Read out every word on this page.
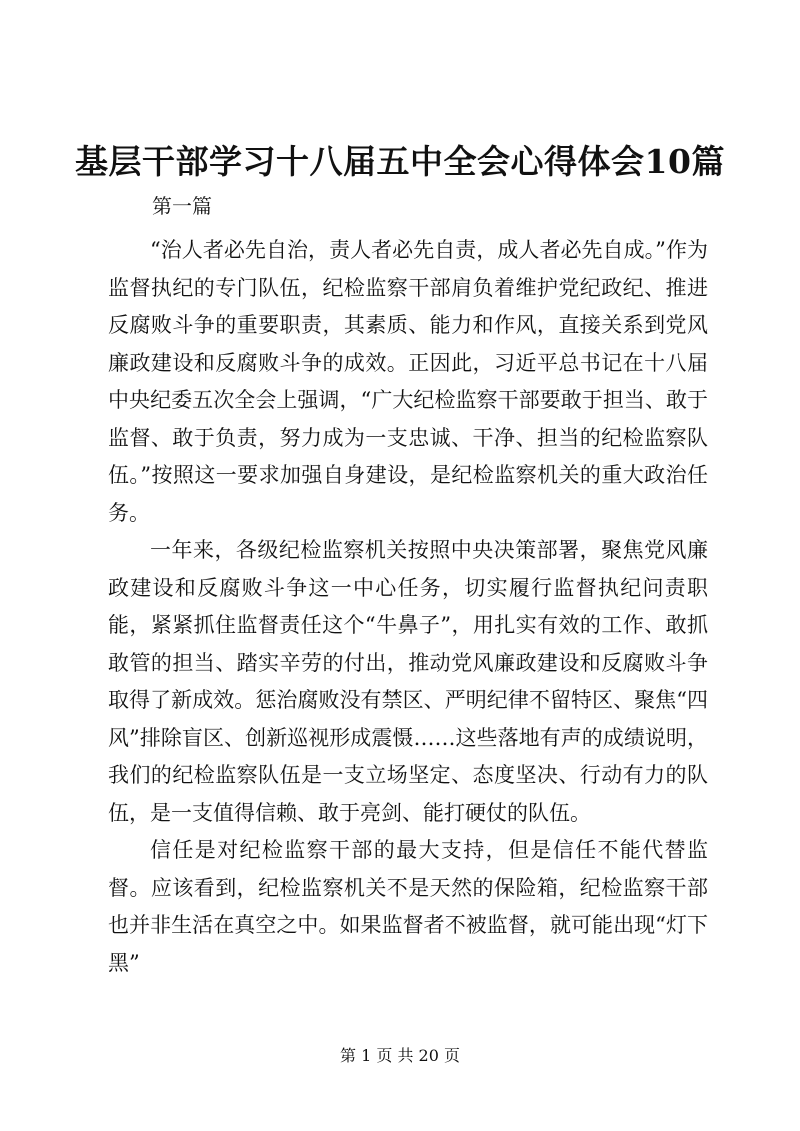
基层干部学习十八届五中全会心得体会10篇
第一篇

“治人者必先自治，责人者必先自责，成人者必先自成。”作为监督执纪的专门队伍，纪检监察干部肩负着维护党纪政纪、推进反腐败斗争的重要职责，其素质、能力和作风，直接关系到党风廉政建设和反腐败斗争的成效。正因此，习近平总书记在十八届中央纪委五次全会上强调，“广大纪检监察干部要敢于担当、敢于监督、敢于负责，努力成为一支忠诚、干净、担当的纪检监察队伍。”按照这一要求加强自身建设，是纪检监察机关的重大政治任务。

一年来，各级纪检监察机关按照中央决策部署，聚焦党风廉政建设和反腐败斗争这一中心任务，切实履行监督执纪问责职能，紧紧抓住监督责任这个“牛鼻子”，用扎实有效的工作、敢抓敢管的担当、踏实辛劳的付出，推动党风廉政建设和反腐败斗争取得了新成效。惩治腐败没有禁区、严明纪律不留特区、聚焦“四风”排除盲区、创新巡视形成震慑……这些落地有声的成绩说明，我们的纪检监察队伍是一支立场坚定、态度坚决、行动有力的队伍，是一支值得信赖、敢于亮剑、能打硬仗的队伍。

信任是对纪检监察干部的最大支持，但是信任不能代替监督。应该看到，纪检监察机关不是天然的保险箱，纪检监察干部也并非生活在真空之中。如果监督者不被监督，就可能出现“灯下黑”

第 1 页 共 20 页
